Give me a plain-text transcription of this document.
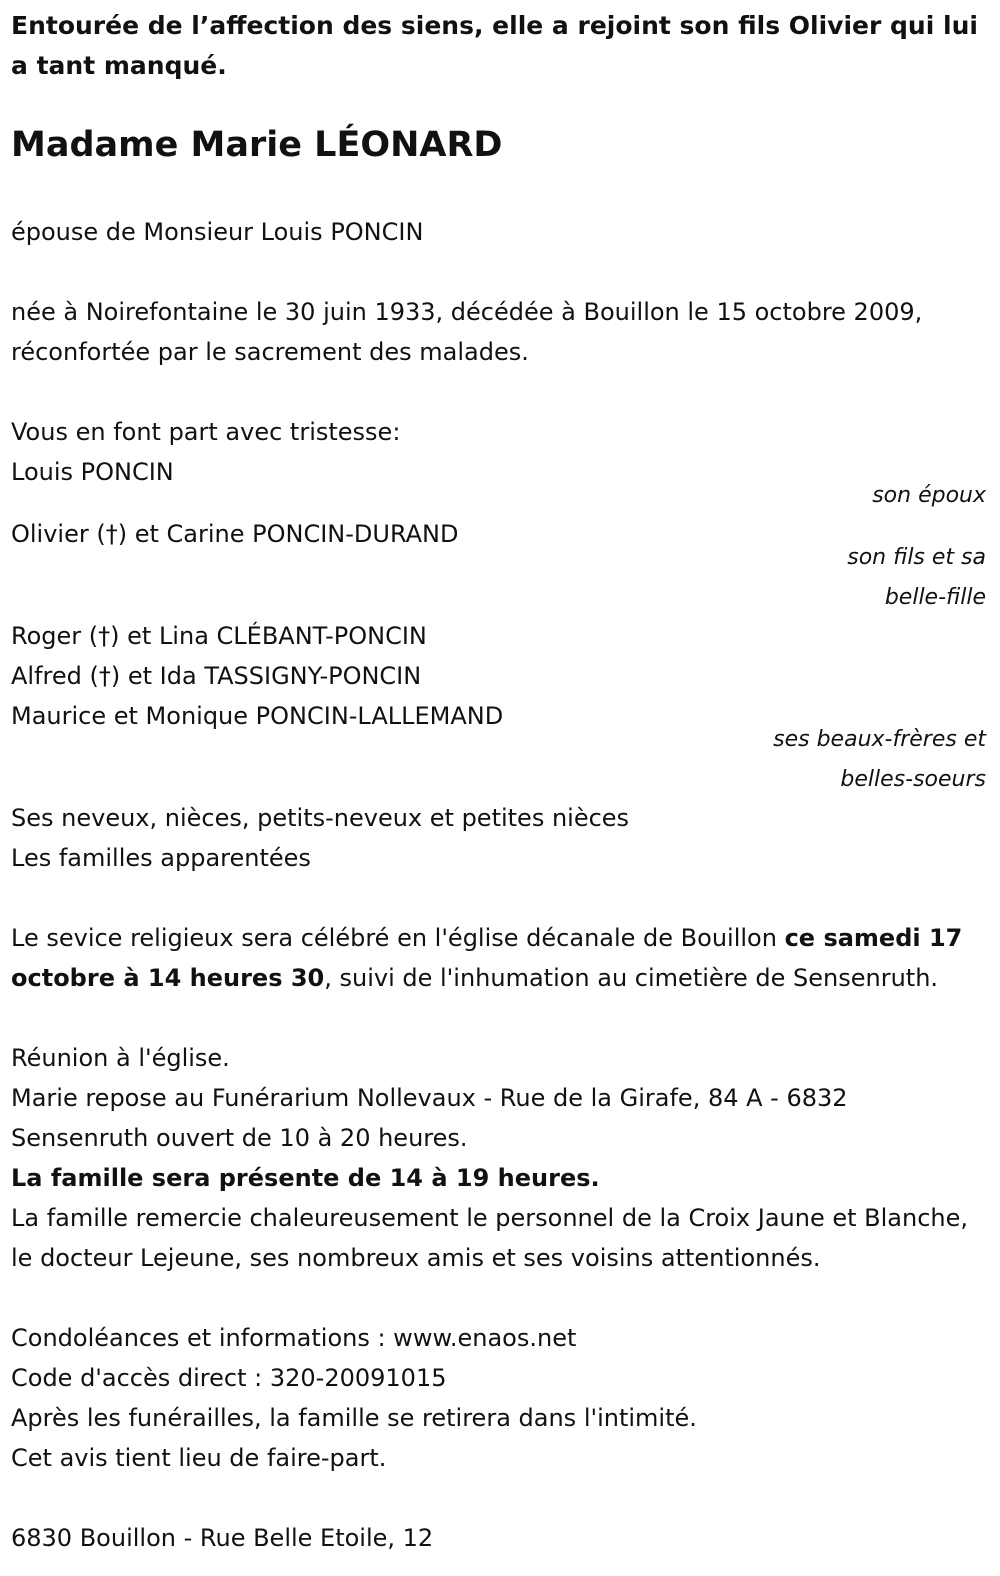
Entourée de l’affection des siens, elle a rejoint son fils Olivier qui lui a tant manqué.

Madame Marie LÉONARD

épouse de Monsieur Louis PONCIN

née à Noirefontaine le 30 juin 1933, décédée à Bouillon le 15 octobre 2009, réconfortée par le sacrement des malades.

Vous en font part avec tristesse:

Louis PONCIN

son époux

Olivier (†) et Carine PONCIN-DURAND

son fils et sa

belle-fille

Roger (†) et Lina CLÉBANT-PONCIN

Alfred (†) et Ida TASSIGNY-PONCIN

Maurice et Monique PONCIN-LALLEMAND

ses beaux-frères et

belles-soeurs

Ses neveux, nièces, petits-neveux et petites nièces

Les familles apparentées

Le sevice religieux sera célébré en l'église décanale de Bouillon ce samedi 17 octobre à 14 heures 30, suivi de l'inhumation au cimetière de Sensenruth.

Réunion à l'église.

Marie repose au Funérarium Nollevaux - Rue de la Girafe, 84 A - 6832 Sensenruth ouvert de 10 à 20 heures.

La famille sera présente de 14 à 19 heures.

La famille remercie chaleureusement le personnel de la Croix Jaune et Blanche, le docteur Lejeune, ses nombreux amis et ses voisins attentionnés.

Condoléances et informations : www.enaos.net

Code d'accès direct : 320-20091015

Après les funérailles, la famille se retirera dans l'intimité.

Cet avis tient lieu de faire-part.

6830 Bouillon - Rue Belle Etoile, 12
